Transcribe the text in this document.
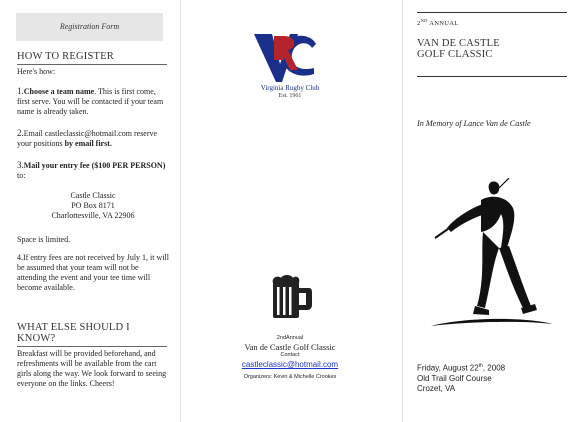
Registration Form
HOW TO REGISTER
Here's how:
1.Choose a team name. This is first come, first serve. You will be contacted if your team name is already taken.
2.Email castleclassic@hotmail.com reserve your positions by email first.
3.Mail your entry fee ($100 PER PERSON) to:
Castle Classic
PO Box 8171
Charlottesville, VA 22906
Space is limited.
4.If entry fees are not received by July 1, it will be assumed that your team will not be attending the event and your tee time will become available.
WHAT ELSE SHOULD I KNOW?
Breakfast will be provided beforehand, and refreshments will be available from the cart girls along the way. We look forward to seeing everyone on the links. Cheers!
Virginia Rugby Club
Est. 1961
2ndAnnual
Van de Castle Golf Classic
Contact
castleclassic@hotmail.com
Organizers: Kevin & Michelle Crookes
2ND ANNUAL
VAN DE CASTLE
GOLF CLASSIC
In Memory of Lance Van de Castle
Friday, August 22th, 2008
Old Trail Golf Course
Crozet, VA
